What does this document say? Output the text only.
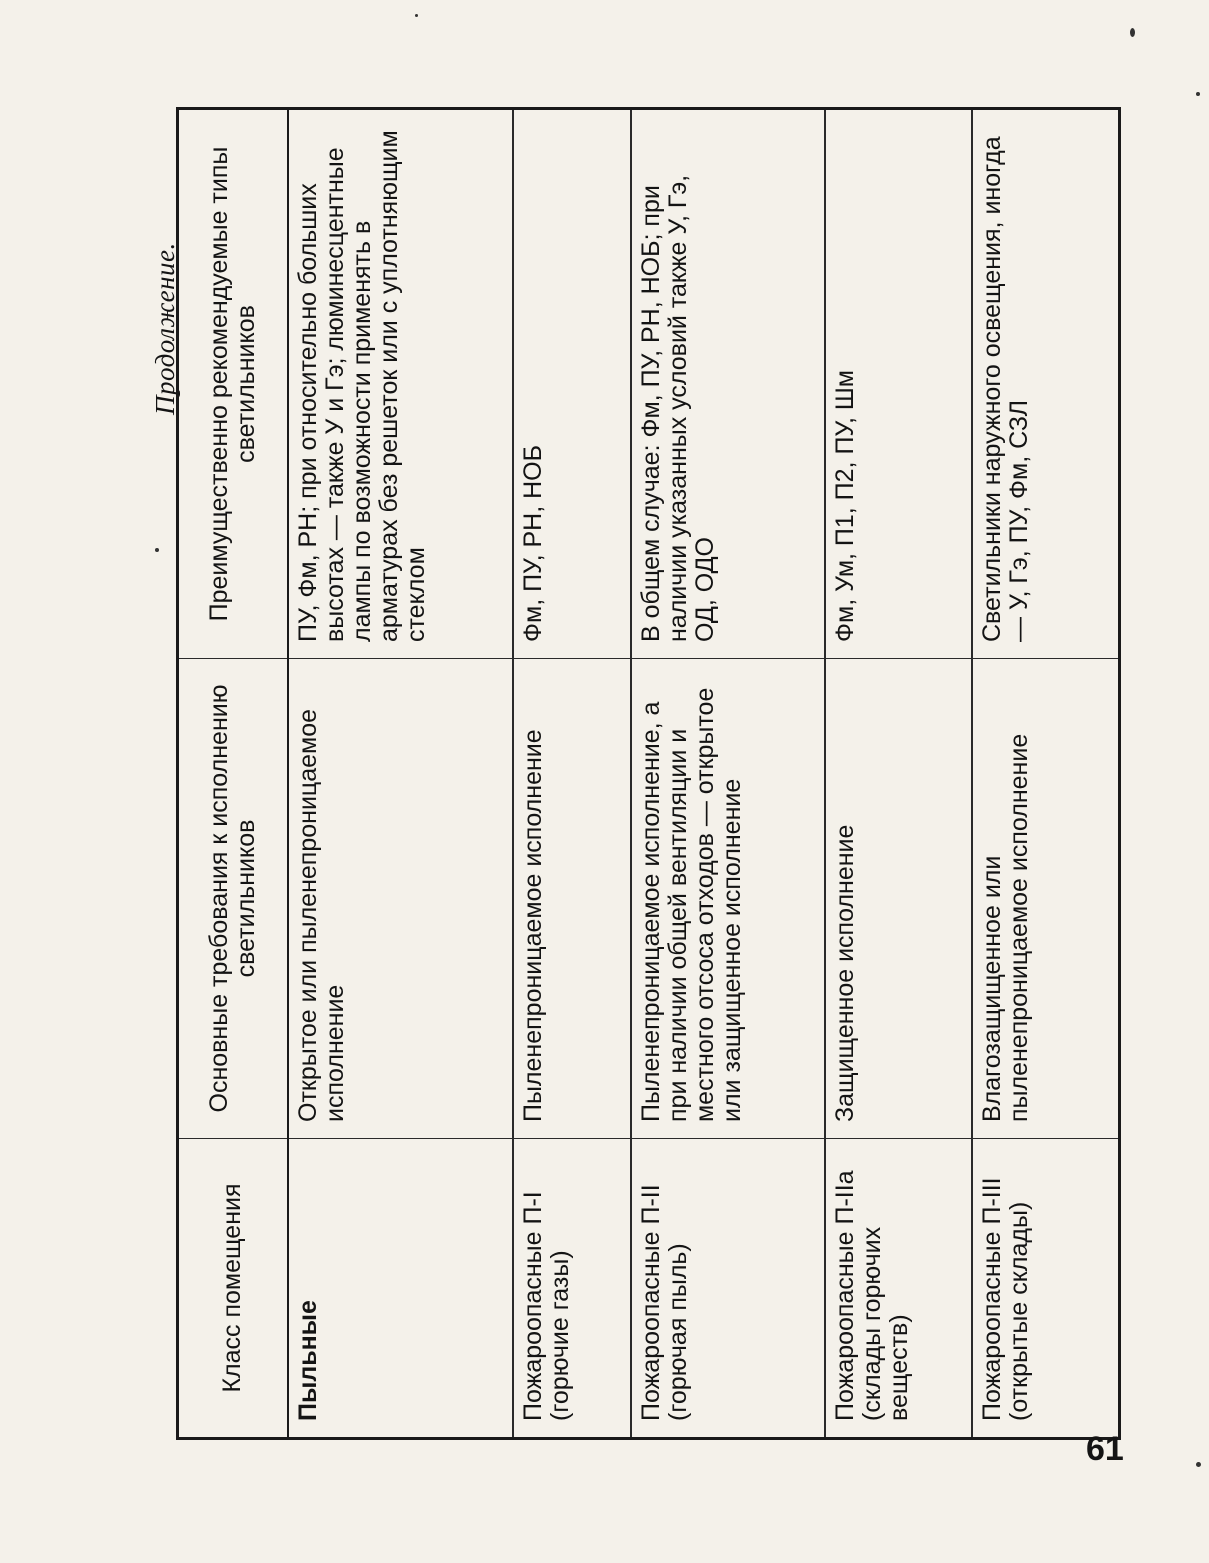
Продолжение.
Класс помещения	Основные требования к исполнению светильников	Преимущественно рекомендуемые типы светильников
Пыльные	Открытое или пыленепроницаемое исполнение	ПУ, Фм, РН; при относительно больших высотах — также У и Гэ; люминесцентные лампы по возможности применять в арматурах без решеток или с уплотняющим стеклом
Пожароопасные П-I (горючие газы)	Пыленепроницаемое исполнение	Фм, ПУ, РН, НОБ
Пожароопасные П-II (горючая пыль)	Пыленепроницаемое исполнение, а при наличии общей вентиляции и местного отсоса отходов — открытое или защищенное исполнение	В общем случае: Фм, ПУ, РН, НОБ; при наличии указанных условий также У, Гэ, ОД, ОДО
Пожароопасные П-IIа (склады горючих веществ)	Защищенное исполнение	Фм, Ум, П1, П2, ПУ, Шм
Пожароопасные П-III (открытые склады)	Влагозащищенное или пыленепроницаемое исполнение	Светильники наружного освещения, иногда — У, Гэ, ПУ, Фм, СЗЛ
61
